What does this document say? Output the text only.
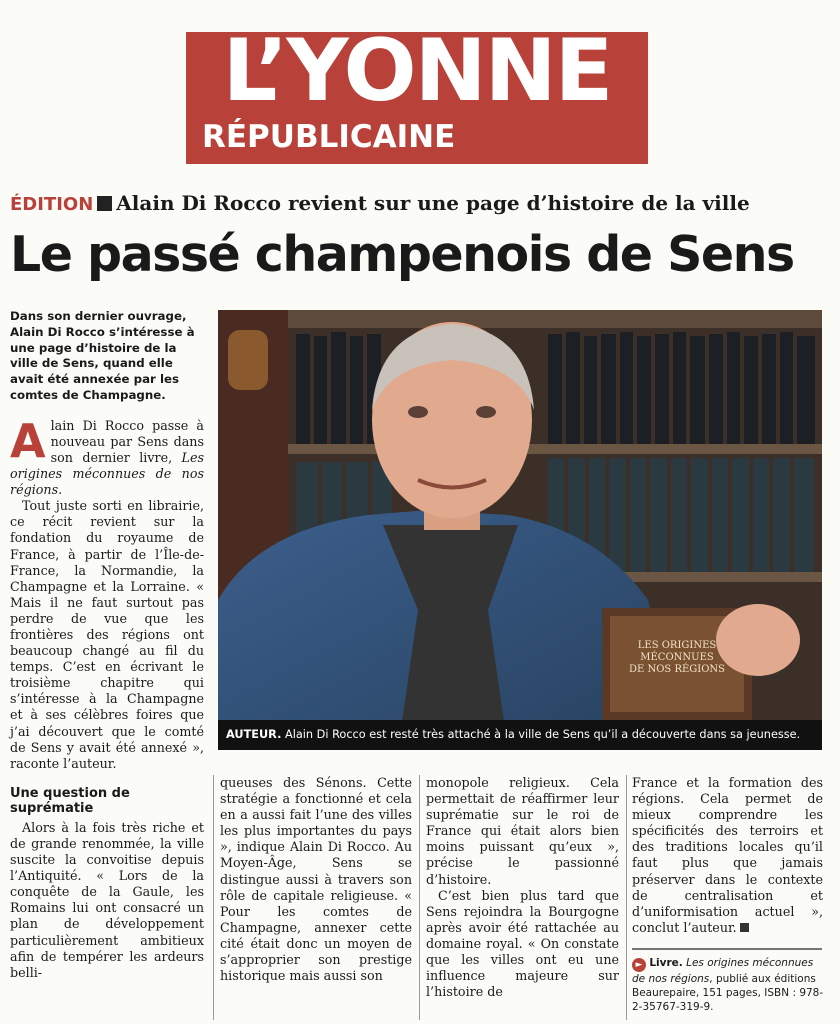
L’YONNE
RÉPUBLICAINE
ÉDITION Alain Di Rocco revient sur une page d’histoire de la ville
Le passé champenois de Sens
Dans son dernier ouvrage, Alain Di Rocco s’intéresse à une page d’histoire de la ville de Sens, quand elle avait été annexée par les comtes de Champagne.

Alain Di Rocco passe à nouveau par Sens dans son dernier livre, Les origines méconnues de nos régions.

Tout juste sorti en librairie, ce récit revient sur la fondation du royaume de France, à partir de l’Île-de-France, la Normandie, la Champagne et la Lorraine. « Mais il ne faut surtout pas perdre de vue que les frontières des régions ont beaucoup changé au fil du temps. C’est en écrivant le troisième chapitre qui s’intéresse à la Champagne et à ses célèbres foires que j’ai découvert que le comté de Sens y avait été annexé », raconte l’auteur.

Une question de suprématie

Alors à la fois très riche et de grande renommée, la ville suscite la convoitise depuis l’Antiquité. « Lors de la conquête de la Gaule, les Romains lui ont consacré un plan de développement particulièrement ambitieux afin de tempérer les ardeurs belli-

LES ORIGINES MÉCONNUES DE NOS RÉGIONS
AUTEUR. Alain Di Rocco est resté très attaché à la ville de Sens qu’il a découverte dans sa jeunesse.

queuses des Sénons. Cette stratégie a fonctionné et cela en a aussi fait l’une des villes les plus importantes du pays », indique Alain Di Rocco. Au Moyen-Âge, Sens se distingue aussi à travers son rôle de capitale religieuse. « Pour les comtes de Champagne, annexer cette cité était donc un moyen de s’approprier son prestige historique mais aussi son

monopole religieux. Cela permettait de réaffirmer leur suprématie sur le roi de France qui était alors bien moins puissant qu’eux », précise le passionné d’histoire.

C’est bien plus tard que Sens rejoindra la Bourgogne après avoir été rattachée au domaine royal. « On constate que les villes ont eu une influence majeure sur l’histoire de

France et la formation des régions. Cela permet de mieux comprendre les spécificités des terroirs et des traditions locales qu’il faut plus que jamais préserver dans le contexte de centralisation et d’uniformisation actuel », conclut l’auteur.

► Livre. Les origines méconnues de nos régions, publié aux éditions Beaurepaire, 151 pages, ISBN : 978-2-35767-319-9.
